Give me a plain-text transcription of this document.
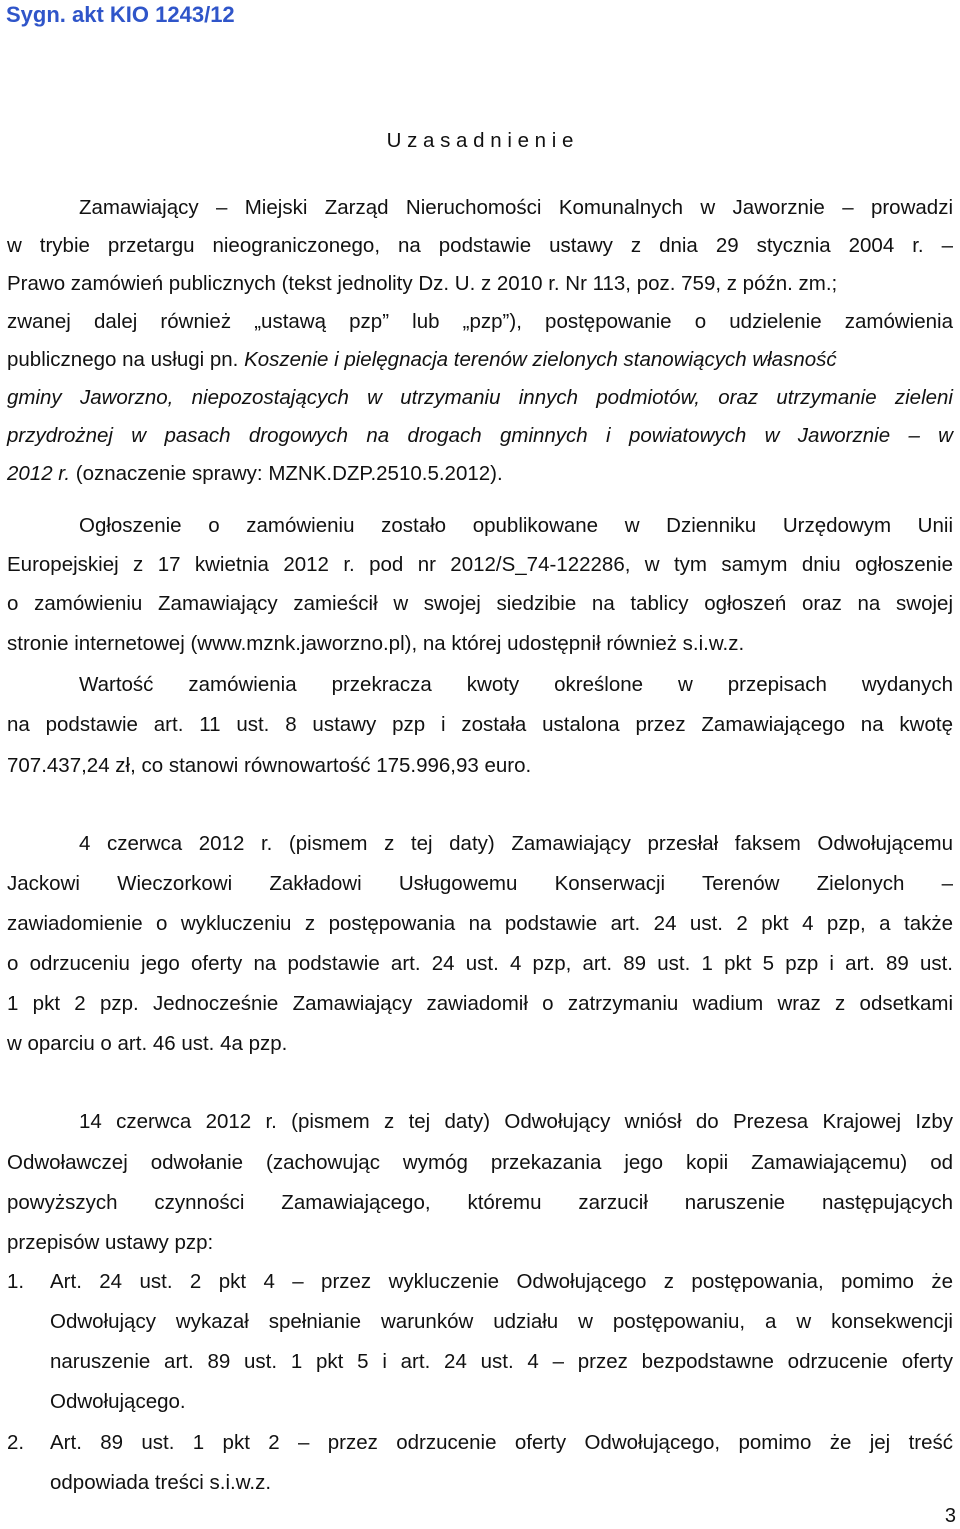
Sygn. akt KIO 1243/12
U z a s a d n i e n i e
Zamawiający – Miejski Zarząd Nieruchomości Komunalnych w Jaworznie – prowadzi
w trybie przetargu nieograniczonego, na podstawie ustawy z dnia 29 stycznia 2004 r. –
Prawo zamówień publicznych (tekst jednolity Dz. U. z 2010 r. Nr 113, poz. 759, z późn. zm.;
zwanej dalej również „ustawą pzp” lub „pzp”), postępowanie o udzielenie zamówienia
publicznego na usługi pn. Koszenie i pielęgnacja terenów zielonych stanowiących własność
gminy Jaworzno, niepozostających w utrzymaniu innych podmiotów, oraz utrzymanie zieleni
przydrożnej w pasach drogowych na drogach gminnych i powiatowych w Jaworznie – w
2012 r. (oznaczenie sprawy: MZNK.DZP.2510.5.2012).
Ogłoszenie o zamówieniu zostało opublikowane w Dzienniku Urzędowym Unii
Europejskiej z 17 kwietnia 2012 r. pod nr 2012/S_74-122286, w tym samym dniu ogłoszenie
o zamówieniu Zamawiający zamieścił w swojej siedzibie na tablicy ogłoszeń oraz na swojej
stronie internetowej (www.mznk.jaworzno.pl), na której udostępnił również s.i.w.z.
Wartość zamówienia przekracza kwoty określone w przepisach wydanych
na podstawie art. 11 ust. 8 ustawy pzp i została ustalona przez Zamawiającego na kwotę
707.437,24 zł, co stanowi równowartość 175.996,93 euro.
4 czerwca 2012 r. (pismem z tej daty) Zamawiający przesłał faksem Odwołującemu
Jackowi Wieczorkowi Zakładowi Usługowemu Konserwacji Terenów Zielonych –
zawiadomienie o wykluczeniu z postępowania na podstawie art. 24 ust. 2 pkt 4 pzp, a także
o odrzuceniu jego oferty na podstawie art. 24 ust. 4 pzp, art. 89 ust. 1 pkt 5 pzp i art. 89 ust.
1 pkt 2 pzp. Jednocześnie Zamawiający zawiadomił o zatrzymaniu wadium wraz z odsetkami
w oparciu o art. 46 ust. 4a pzp.
14 czerwca 2012 r. (pismem z tej daty) Odwołujący wniósł do Prezesa Krajowej Izby
Odwoławczej odwołanie (zachowując wymóg przekazania jego kopii Zamawiającemu) od
powyższych czynności Zamawiającego, któremu zarzucił naruszenie następujących
przepisów ustawy pzp:
1. Art. 24 ust. 2 pkt 4 – przez wykluczenie Odwołującego z postępowania, pomimo że
Odwołujący wykazał spełnianie warunków udziału w postępowaniu, a w konsekwencji
naruszenie art. 89 ust. 1 pkt 5 i art. 24 ust. 4 – przez bezpodstawne odrzucenie oferty
Odwołującego.
2. Art. 89 ust. 1 pkt 2 – przez odrzucenie oferty Odwołującego, pomimo że jej treść
odpowiada treści s.i.w.z.
3
